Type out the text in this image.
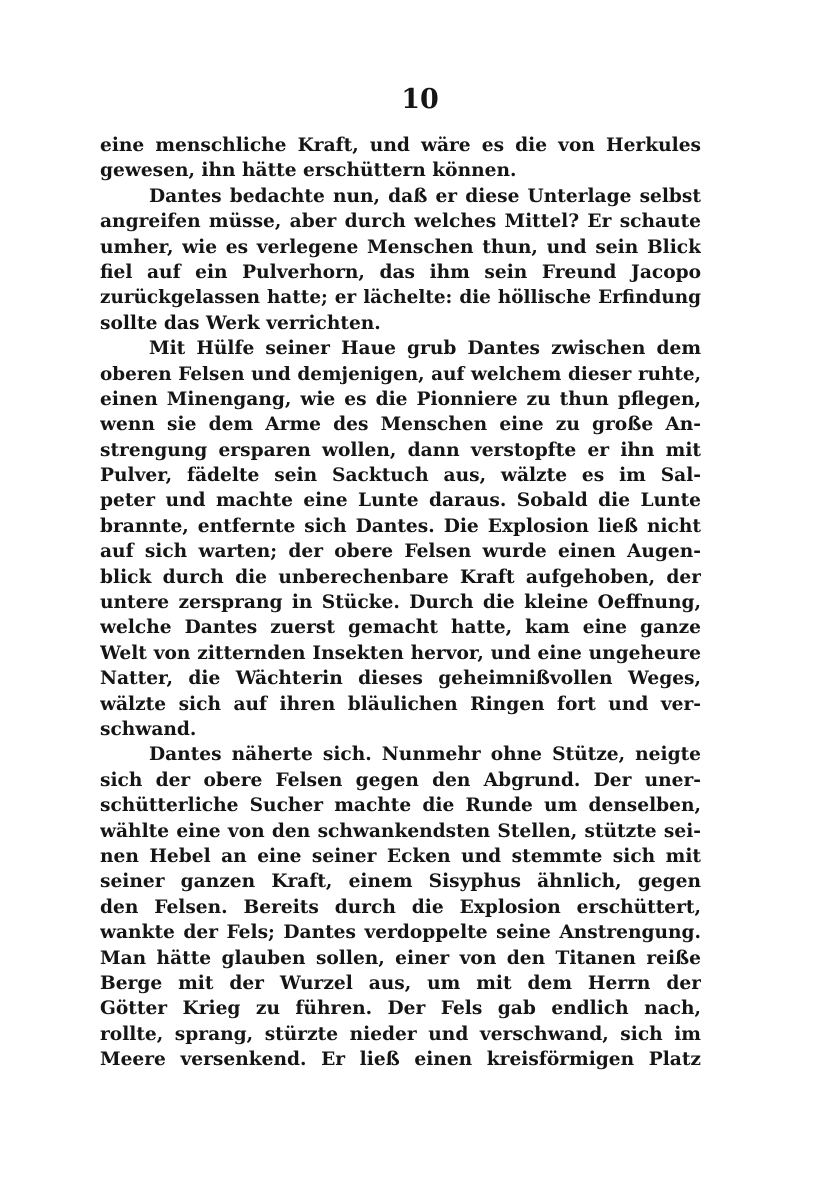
10
eine menschliche Kraft, und wäre es die von Herkules
gewesen, ihn hätte erschüttern können.
Dantes bedachte nun, daß er diese Unterlage selbst
angreifen müsse, aber durch welches Mittel? Er schaute
umher, wie es verlegene Menschen thun, und sein Blick
fiel auf ein Pulverhorn, das ihm sein Freund Jacopo
zurückgelassen hatte; er lächelte: die höllische Erfindung
sollte das Werk verrichten.
Mit Hülfe seiner Haue grub Dantes zwischen dem
oberen Felsen und demjenigen, auf welchem dieser ruhte,
einen Minengang, wie es die Pionniere zu thun pflegen,
wenn sie dem Arme des Menschen eine zu große An-
strengung ersparen wollen, dann verstopfte er ihn mit
Pulver, fädelte sein Sacktuch aus, wälzte es im Sal-
peter und machte eine Lunte daraus. Sobald die Lunte
brannte, entfernte sich Dantes. Die Explosion ließ nicht
auf sich warten; der obere Felsen wurde einen Augen-
blick durch die unberechenbare Kraft aufgehoben, der
untere zersprang in Stücke. Durch die kleine Oeffnung,
welche Dantes zuerst gemacht hatte, kam eine ganze
Welt von zitternden Insekten hervor, und eine ungeheure
Natter, die Wächterin dieses geheimnißvollen Weges,
wälzte sich auf ihren bläulichen Ringen fort und ver-
schwand.
Dantes näherte sich. Nunmehr ohne Stütze, neigte
sich der obere Felsen gegen den Abgrund. Der uner-
schütterliche Sucher machte die Runde um denselben,
wählte eine von den schwankendsten Stellen, stützte sei-
nen Hebel an eine seiner Ecken und stemmte sich mit
seiner ganzen Kraft, einem Sisyphus ähnlich, gegen
den Felsen. Bereits durch die Explosion erschüttert,
wankte der Fels; Dantes verdoppelte seine Anstrengung.
Man hätte glauben sollen, einer von den Titanen reiße
Berge mit der Wurzel aus, um mit dem Herrn der
Götter Krieg zu führen. Der Fels gab endlich nach,
rollte, sprang, stürzte nieder und verschwand, sich im
Meere versenkend. Er ließ einen kreisförmigen Platz
